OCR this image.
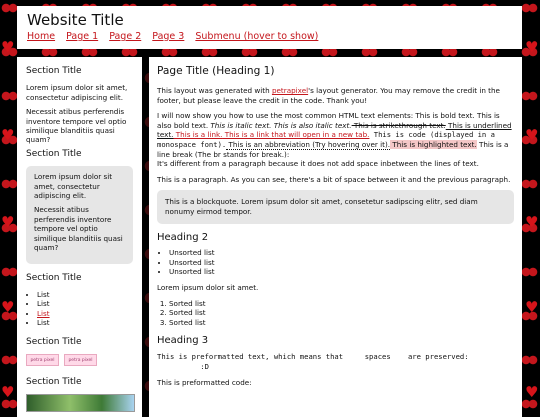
♥
♥
♥
♥
♥
♥
♥
♥
♥
♥
Website Title
Home Page 1 Page 2 Page 3 Submenu (hover to show)
Section Title

Lorem ipsum dolor sit amet, consectetur adipiscing elit.

Necessit atibus perferendis inventore tempore vel optio similique blanditiis quasi quam?

Section Title

Lorem ipsum dolor sit amet, consectetur adipiscing elit.

Necessit atibus perferendis inventore tempore vel optio similique blanditiis quasi quam?

Section Title
• List
• List
• List
• List
Section Title
petra pixel	petra pixel
Section Title
Page Title (Heading 1)

This layout was generated with petrapixel's layout generator. You may remove the credit in the footer, but please leave the credit in the code. Thank you!

I will now show you how to use the most common HTML text elements: This is bold text. This is also bold text. This is italic text. This is also italic text. This is strikethrough text. This is underlined text. This is a link. This is a link that will open in a new tab. This is code (displayed in a monospace font). This is an abbreviation (Try hovering over it). This is highlighted text. This is a line break (The br stands for break.):
It's different from a paragraph because it does not add space inbetween the lines of text.

This is a paragraph. As you can see, there's a bit of space between it and the previous paragraph.

This is a blockquote. Lorem ipsum dolor sit amet, consetetur sadipscing elitr, sed diam nonumy eirmod tempor.
Heading 2
• Unsorted list
• Unsorted list
• Unsorted list

Lorem ipsum dolor sit amet.

1. Sorted list
2. Sorted list
3. Sorted list
Heading 3
This is preformatted text, which means that     spaces    are preserved:
:D

This is preformatted code:
